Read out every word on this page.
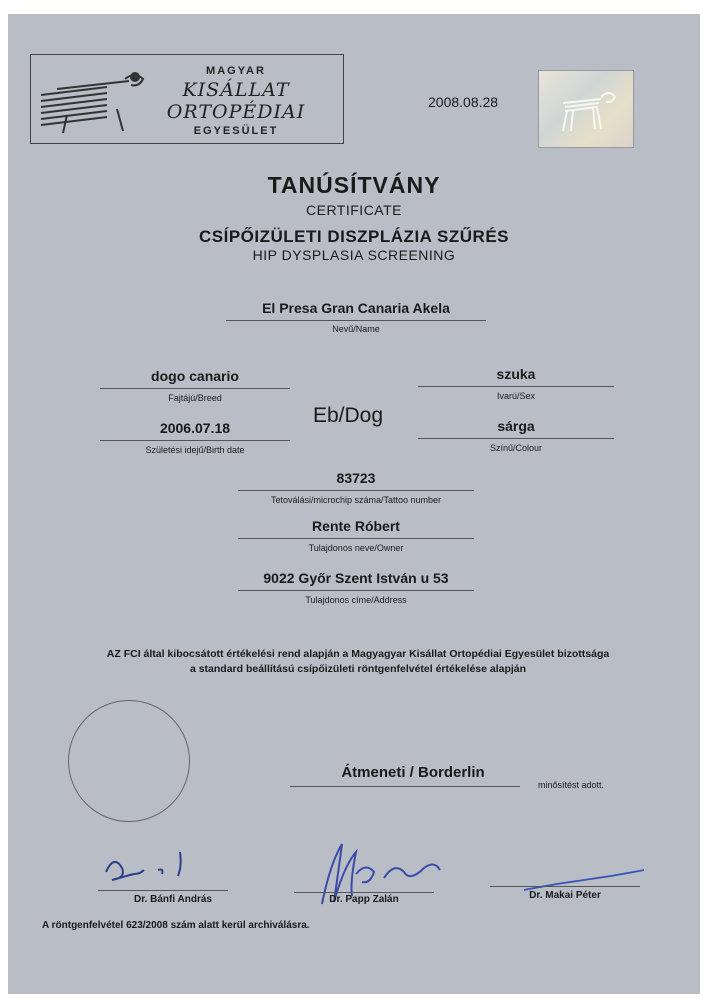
MAGYAR
KISÁLLAT ORTOPÉDIAI
EGYESÜLET
2008.08.28
TANÚSÍTVÁNY
CERTIFICATE
CSÍPŐIZÜLETI DISZPLÁZIA SZŰRÉS
HIP DYSPLASIA SCREENING
El Presa Gran Canaria Akela
Nevű/Name
dogo canario
Fajtájú/Breed
szuka
Ivarú/Sex
Eb/Dog
2006.07.18
Születési idejű/Birth date
sárga
Színű/Colour
83723
Tetoválási/microchip száma/Tattoo number
Rente Róbert
Tulajdonos neve/Owner
9022 Győr Szent István u 53
Tulajdonos címe/Address
AZ FCI által kibocsátott értékelési rend alapján a Magyagyar Kisállat Ortopédiai Egyesület bizottsága
a standard beállítású csípőizületi röntgenfelvétel értékelése alapján
Átmeneti / Borderlin
minősítést adott.
Dr. Bánfi András	Dr. Papp Zalán	Dr. Makai Péter
A röntgenfelvétel 623/2008 szám alatt kerül archiválásra.
